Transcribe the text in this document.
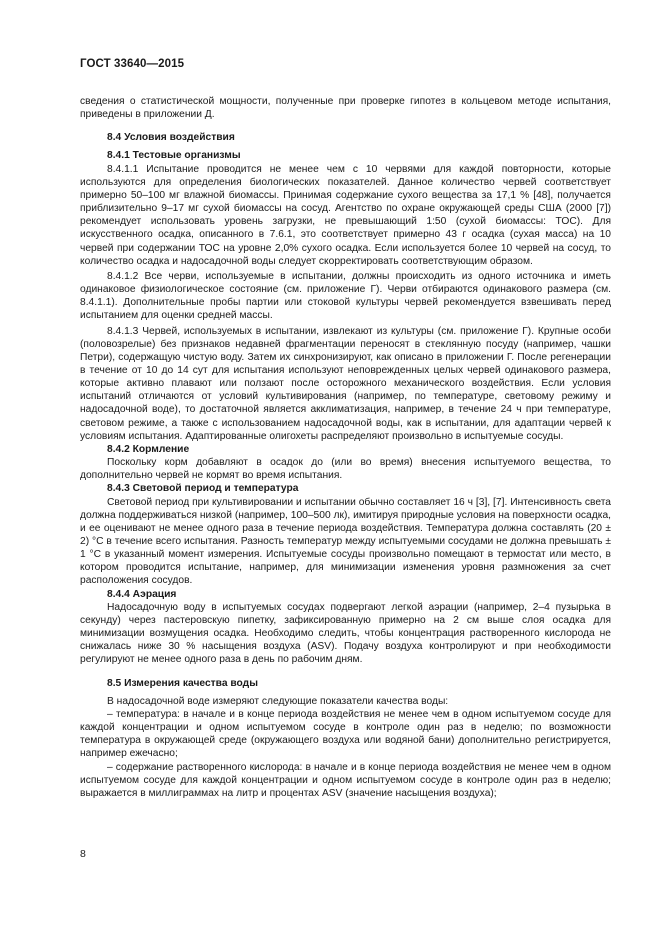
ГОСТ 33640—2015

сведения о статистической мощности, полученные при проверке гипотез в кольцевом методе испытания, приведены в приложении Д.

8.4 Условия воздействия
8.4.1 Тестовые организмы

8.4.1.1 Испытание проводится не менее чем с 10 червями для каждой повторности, которые используются для определения биологических показателей. Данное количество червей соответствует примерно 50–100 мг влажной биомассы. Принимая содержание сухого вещества за 17,1 % [48], получается приблизительно 9–17 мг сухой биомассы на сосуд. Агентство по охране окружающей среды США (2000 [7]) рекомендует использовать уровень загрузки, не превышающий 1:50 (сухой биомассы: ТОС). Для искусственного осадка, описанного в 7.6.1, это соответствует примерно 43 г осадка (сухая масса) на 10 червей при содержании ТОС на уровне 2,0% сухого осадка. Если используется более 10 червей на сосуд, то количество осадка и надосадочной воды следует скорректировать соответствующим образом.

8.4.1.2 Все черви, используемые в испытании, должны происходить из одного источника и иметь одинаковое физиологическое состояние (см. приложение Г). Черви отбираются одинакового размера (см. 8.4.1.1). Дополнительные пробы партии или стоковой культуры червей рекомендуется взвешивать перед испытанием для оценки средней массы.

8.4.1.3 Червей, используемых в испытании, извлекают из культуры (см. приложение Г). Крупные особи (половозрелые) без признаков недавней фрагментации переносят в стеклянную посуду (например, чашки Петри), содержащую чистую воду. Затем их синхронизируют, как описано в приложении Г. После регенерации в течение от 10 до 14 сут для испытания используют неповрежденных целых червей одинакового размера, которые активно плавают или ползают после осторожного механического воздействия. Если условия испытаний отличаются от условий культивирования (например, по температуре, световому режиму и надосадочной воде), то достаточной является акклиматизация, например, в течение 24 ч при температуре, световом режиме, а также с использованием надосадочной воды, как в испытании, для адаптации червей к условиям испытания. Адаптированные олигохеты распределяют произвольно в испытуемые сосуды.

8.4.2 Кормление

Поскольку корм добавляют в осадок до (или во время) внесения испытуемого вещества, то дополнительно червей не кормят во время испытания.

8.4.3 Световой период и температура

Световой период при культивировании и испытании обычно составляет 16 ч [3], [7]. Интенсивность света должна поддерживаться низкой (например, 100–500 лк), имитируя природные условия на поверхности осадка, и ее оценивают не менее одного раза в течение периода воздействия. Температура должна составлять (20 ± 2) °С в течение всего испытания. Разность температур между испытуемыми сосудами не должна превышать ± 1 °С в указанный момент измерения. Испытуемые сосуды произвольно помещают в термостат или место, в котором проводится испытание, например, для минимизации изменения уровня размножения за счет расположения сосудов.

8.4.4 Аэрация

Надосадочную воду в испытуемых сосудах подвергают легкой аэрации (например, 2–4 пузырька в секунду) через пастеровскую пипетку, зафиксированную примерно на 2 см выше слоя осадка для минимизации возмущения осадка. Необходимо следить, чтобы концентрация растворенного кислорода не снижалась ниже 30 % насыщения воздуха (ASV). Подачу воздуха контролируют и при необходимости регулируют не менее одного раза в день по рабочим дням.

8.5 Измерения качества воды

В надосадочной воде измеряют следующие показатели качества воды:

– температура: в начале и в конце периода воздействия не менее чем в одном испытуемом сосуде для каждой концентрации и одном испытуемом сосуде в контроле один раз в неделю; по возможности температура в окружающей среде (окружающего воздуха или водяной бани) дополнительно регистрируется, например ежечасно;

– содержание растворенного кислорода: в начале и в конце периода воздействия не менее чем в одном испытуемом сосуде для каждой концентрации и одном испытуемом сосуде в контроле один раз в неделю; выражается в миллиграммах на литр и процентах ASV (значение насыщения воздуха);

8
